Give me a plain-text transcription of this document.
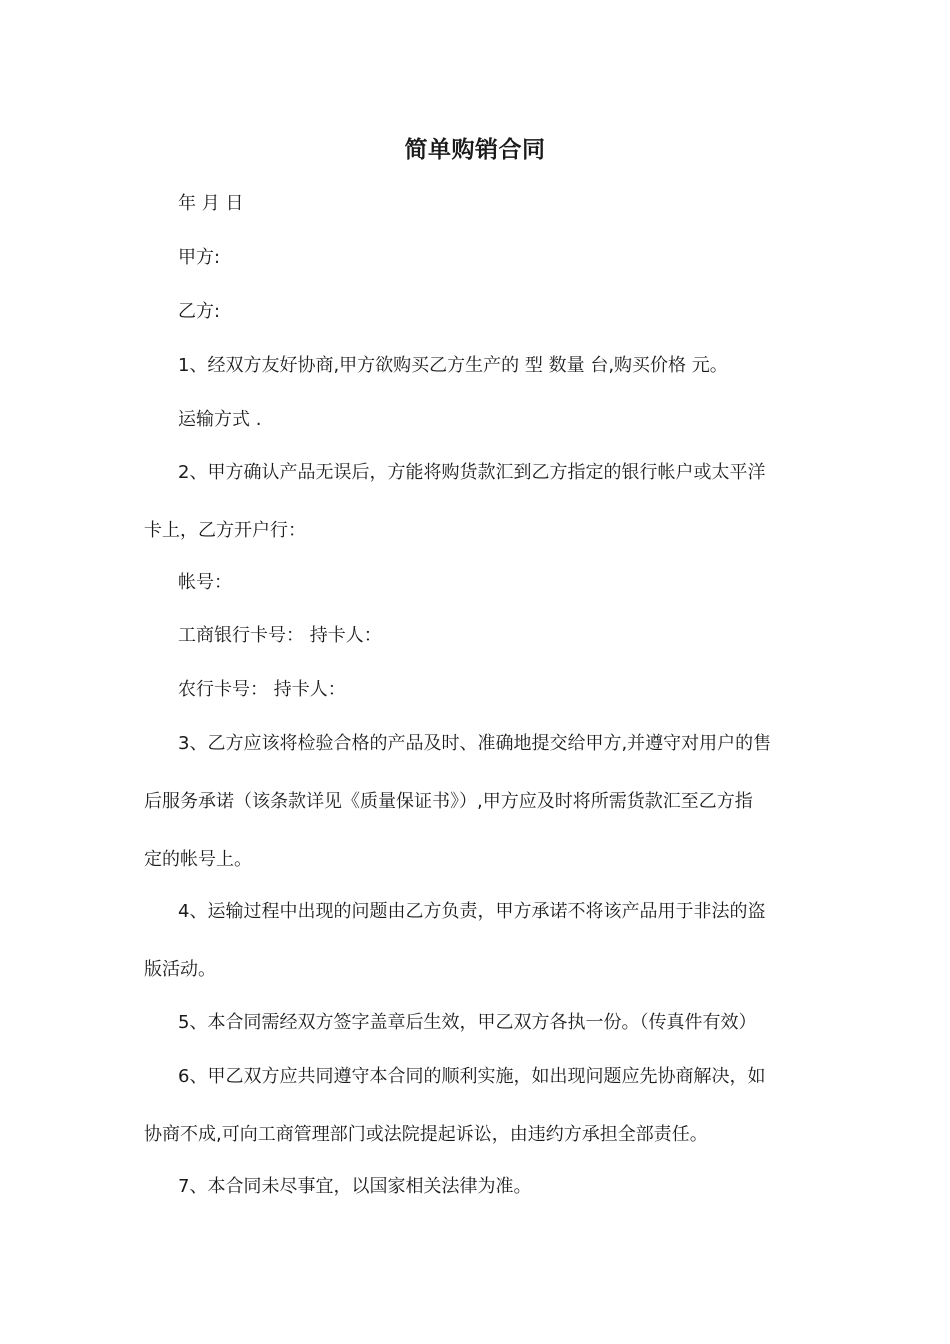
简单购销合同

年 月 日

甲方:

乙方:

1、经双方友好协商,甲方欲购买乙方生产的 型 数量 台,购买价格 元。

运输方式 .

2、甲方确认产品无误后，方能将购货款汇到乙方指定的银行帐户或太平洋
卡上，乙方开户行：

帐号：

工商银行卡号： 持卡人：

农行卡号： 持卡人：

3、乙方应该将检验合格的产品及时、准确地提交给甲方,并遵守对用户的售
后服务承诺（该条款详见《质量保证书》）,甲方应及时将所需货款汇至乙方指
定的帐号上。
4、运输过程中出现的问题由乙方负责，甲方承诺不将该产品用于非法的盗
版活动。

5、本合同需经双方签字盖章后生效，甲乙双方各执一份。（传真件有效）

6、甲乙双方应共同遵守本合同的顺利实施，如出现问题应先协商解决，如
协商不成,可向工商管理部门或法院提起诉讼，由违约方承担全部责任。

7、本合同未尽事宜，以国家相关法律为准。
